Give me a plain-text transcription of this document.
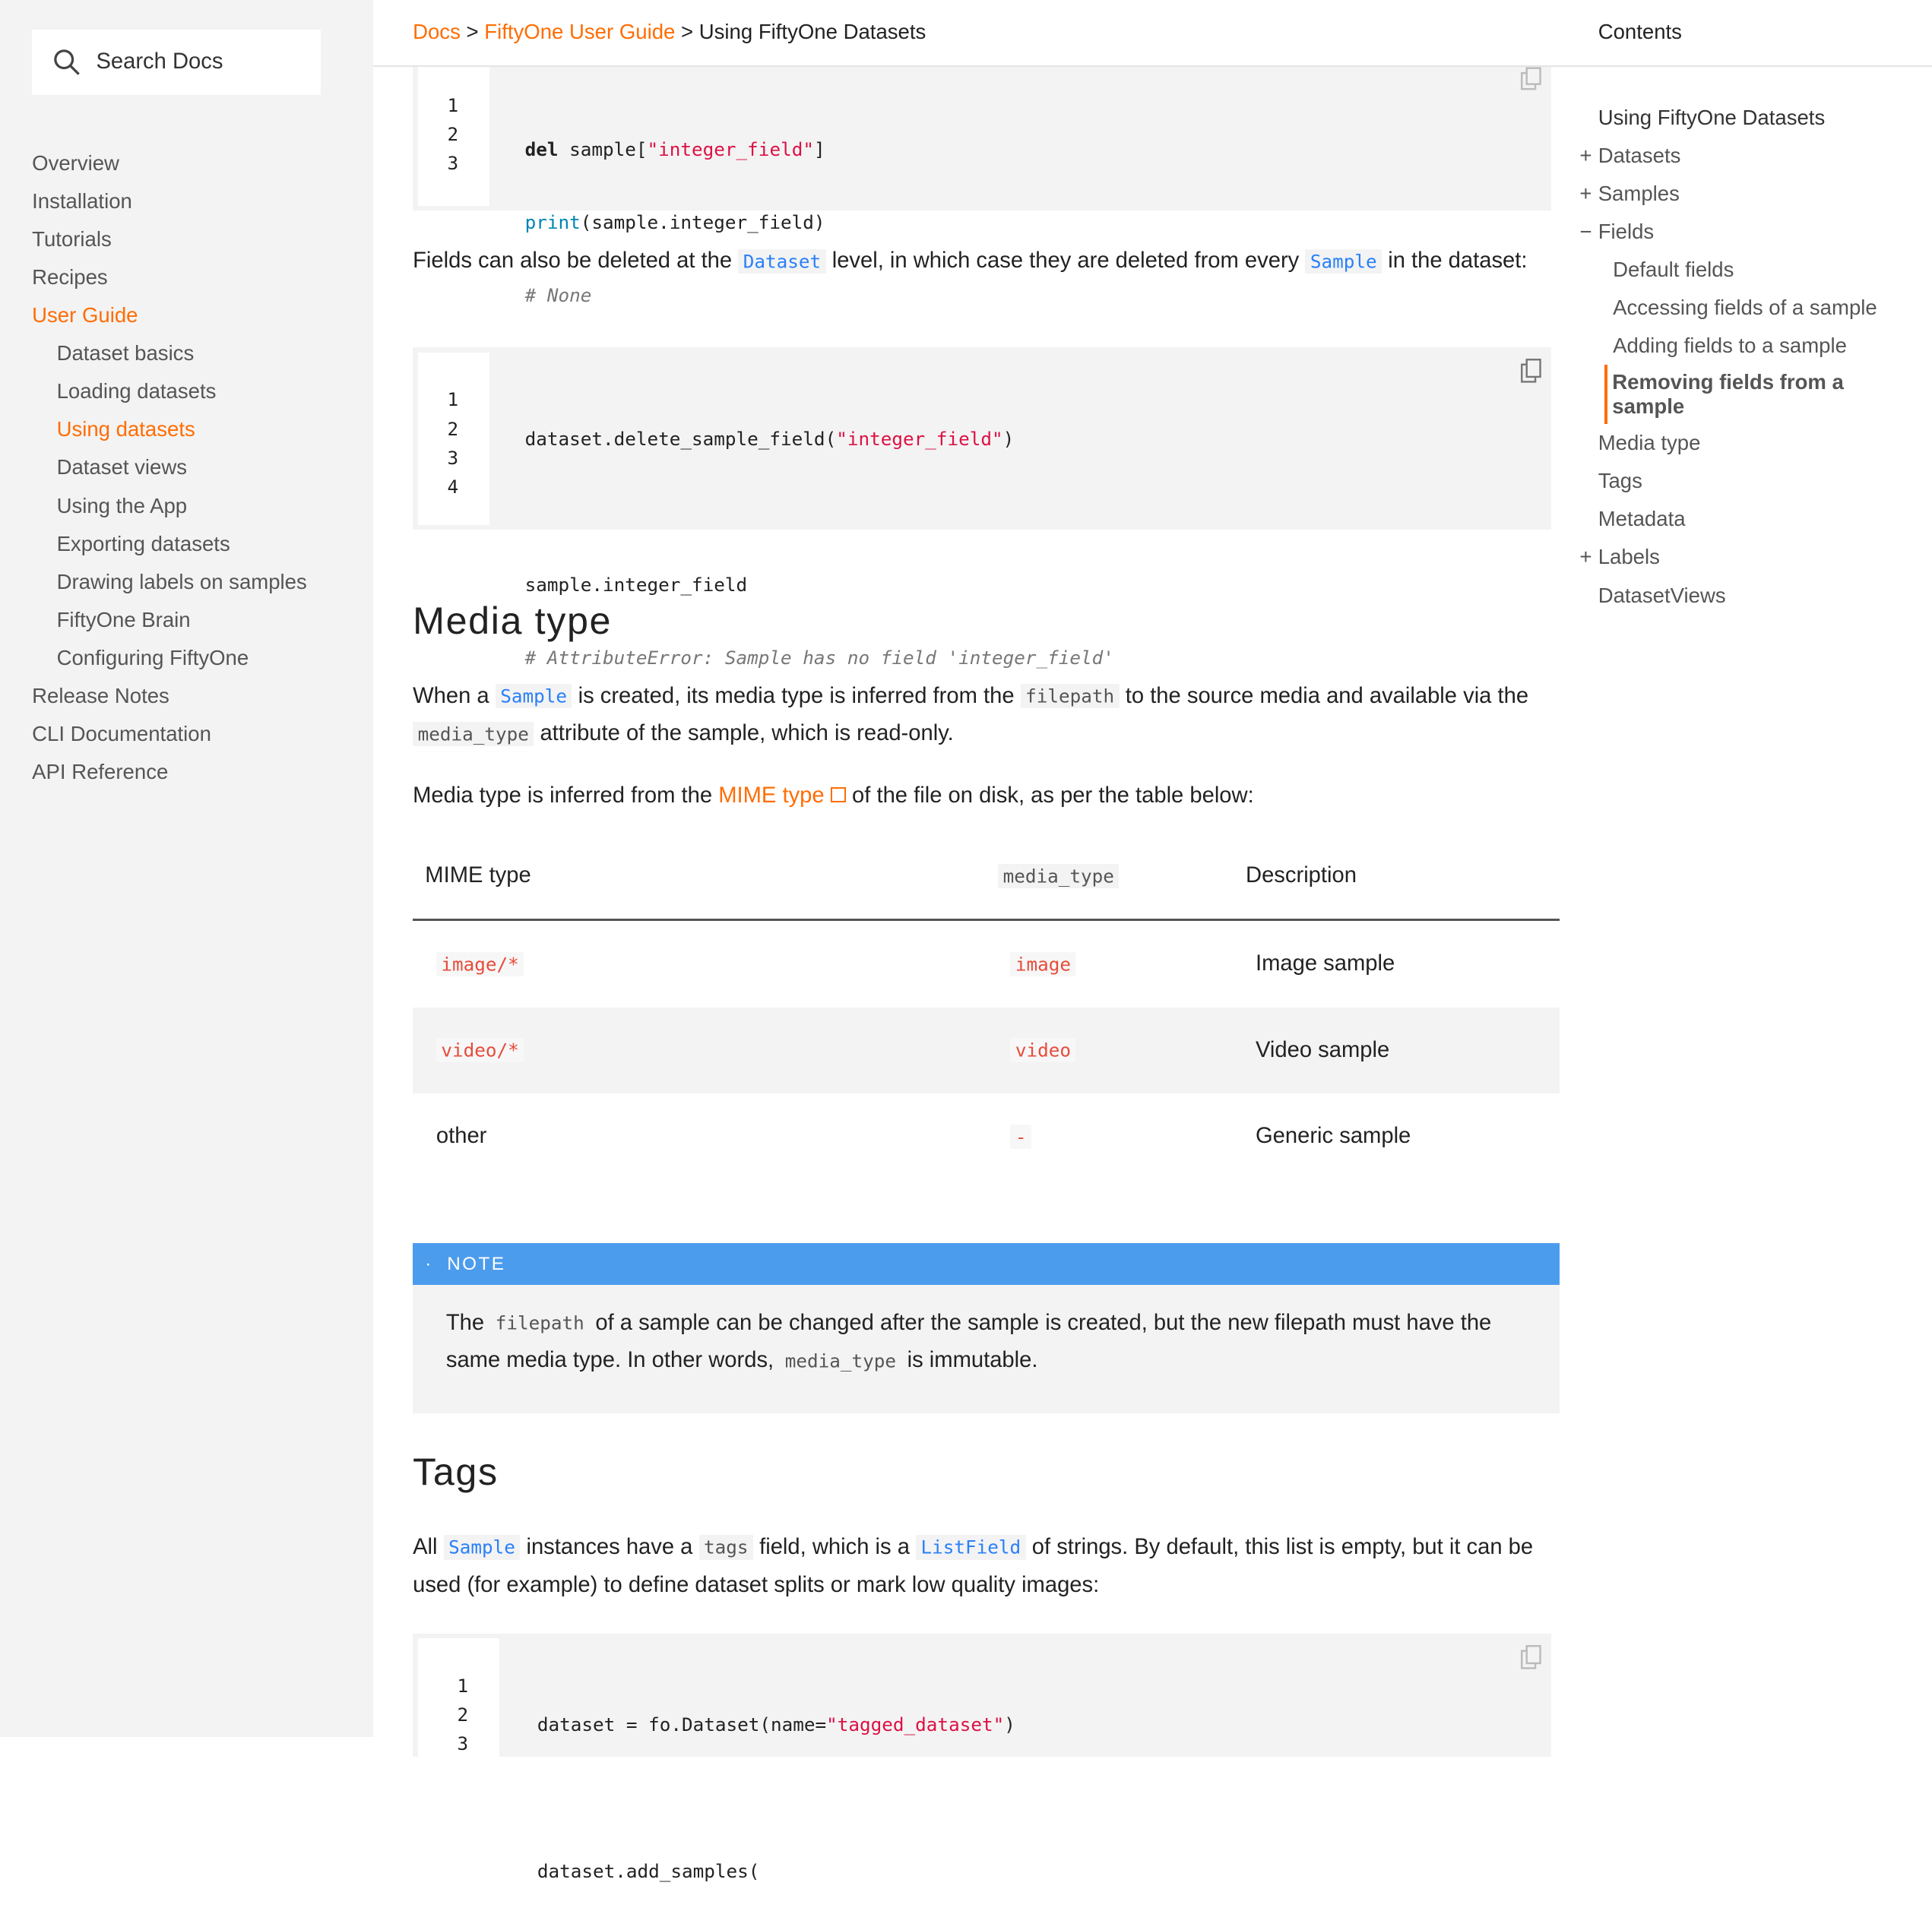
Search Docs
Overview
Installation
Tutorials
Recipes
User Guide
Dataset basics
Loading datasets
Using datasets
Dataset views
Using the App
Exporting datasets
Drawing labels on samples
FiftyOne Brain
Configuring FiftyOne
Release Notes
CLI Documentation
API Reference
Docs > FiftyOne User Guide > Using FiftyOne Datasets
1
2
3

del sample["integer_field"]

print(sample.integer_field)

# None

Fields can also be deleted at the Dataset level, in which case they are deleted from every Sample in the dataset:

1
2
3
4

dataset.delete_sample_field("integer_field")

sample.integer_field

# AttributeError: Sample has no field 'integer_field'

Media type

When a Sample is created, its media type is inferred from the filepath to the source media and available via the media_type attribute of the sample, which is read-only.

Media type is inferred from the MIME type  of the file on disk, as per the table below:

MIME type	media_type	Description
image/*	image	Image sample
video/*	video	Video sample
other	-	Generic sample
·  NOTE

The filepath of a sample can be changed after the sample is created, but the new filepath must have the same media type. In other words, media_type is immutable.

Tags

All Sample instances have a tags field, which is a ListField of strings. By default, this list is empty, but it can be used (for example) to define dataset splits or mark low quality images:

1
2
3

dataset = fo.Dataset(name="tagged_dataset")

dataset.add_samples(

Contents
Using FiftyOne Datasets
+ Datasets
+ Samples
− Fields
Default fields
Accessing fields of a sample
Adding fields to a sample
Removing fields from a sample
Media type
Tags
Metadata
+ Labels
DatasetViews
